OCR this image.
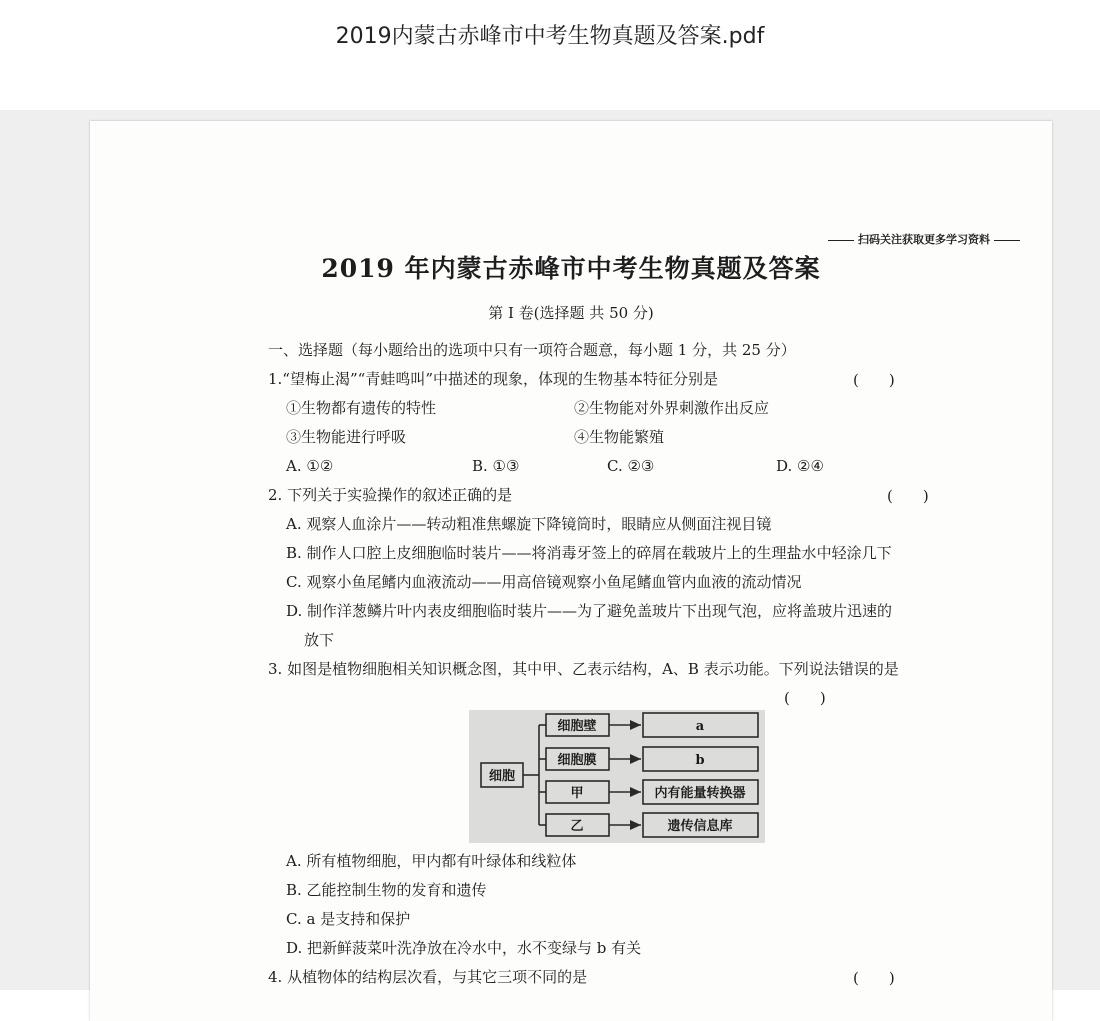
2019内蒙古赤峰市中考生物真题及答案.pdf
扫码关注获取更多学习资料
2019 年内蒙古赤峰市中考生物真题及答案
第 I 卷(选择题 共 50 分)
一、选择题（每小题给出的选项中只有一项符合题意，每小题 1 分，共 25 分）
1.“望梅止渴”“青蛙鸣叫”中描述的现象，体现的生物基本特征分别是	(　　)
①生物都有遗传的特性	②生物能对外界刺激作出反应
③生物能进行呼吸	④生物能繁殖
A. ①②	B. ①③	C. ②③	D. ②④
2. 下列关于实验操作的叙述正确的是	(　　)
A. 观察人血涂片——转动粗准焦螺旋下降镜筒时，眼睛应从侧面注视目镜
B. 制作人口腔上皮细胞临时装片——将消毒牙签上的碎屑在载玻片上的生理盐水中轻涂几下
C. 观察小鱼尾鳍内血液流动——用高倍镜观察小鱼尾鳍血管内血液的流动情况
D. 制作洋葱鳞片叶内表皮细胞临时装片——为了避免盖玻片下出现气泡，应将盖玻片迅速的
放下
3. 如图是植物细胞相关知识概念图，其中甲、乙表示结构，A、B 表示功能。下列说法错误的是
(　　)
细胞
细胞壁
细胞膜
甲
乙
a
b
内有能量转换器
遗传信息库
A. 所有植物细胞，甲内都有叶绿体和线粒体
B. 乙能控制生物的发育和遗传
C. a 是支持和保护
D. 把新鲜菠菜叶洗净放在冷水中，水不变绿与 b 有关
4. 从植物体的结构层次看，与其它三项不同的是	(　　)
